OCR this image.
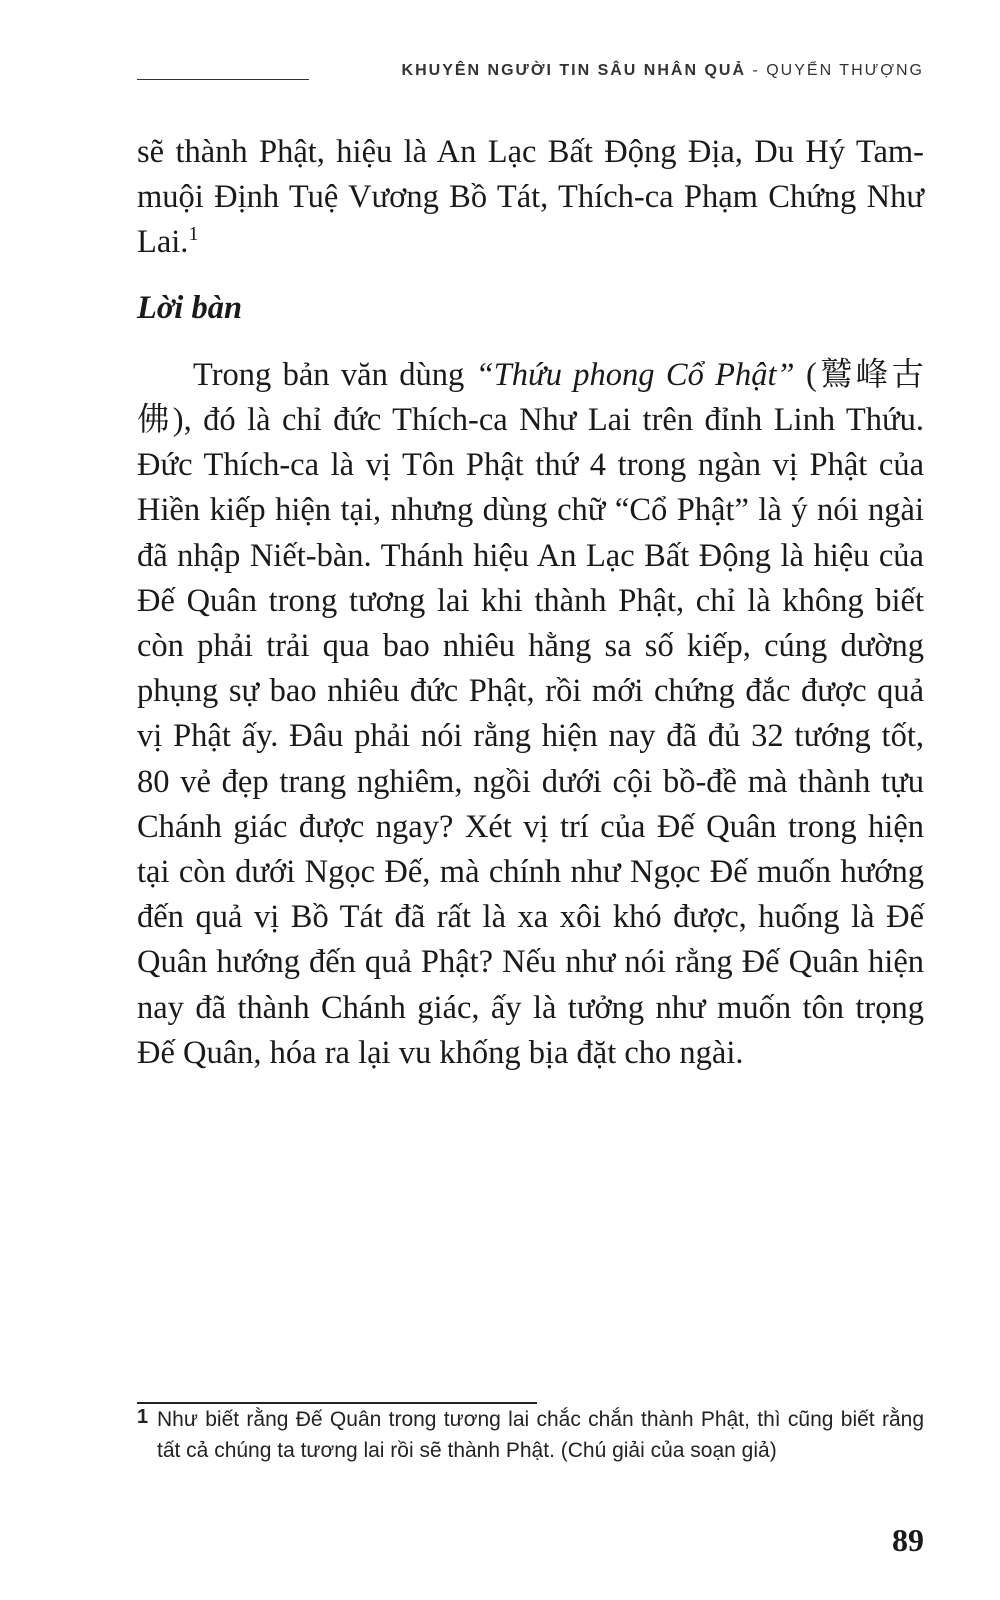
KHUYÊN NGƯỜI TIN SÂU NHÂN QUẢ - QUYỂN THƯỢNG

sẽ thành Phật, hiệu là An Lạc Bất Động Địa, Du Hý Tam-muội Định Tuệ Vương Bồ Tát, Thích-ca Phạm Chứng Như Lai.$^1$

Lời bàn

Trong bản văn dùng “Thứu phong Cổ Phật” (鷲峰古佛), đó là chỉ đức Thích-ca Như Lai trên đỉnh Linh Thứu. Đức Thích-ca là vị Tôn Phật thứ 4 trong ngàn vị Phật của Hiền kiếp hiện tại, nhưng dùng chữ “Cổ Phật” là ý nói ngài đã nhập Niết-bàn. Thánh hiệu An Lạc Bất Động là hiệu của Đế Quân trong tương lai khi thành Phật, chỉ là không biết còn phải trải qua bao nhiêu hằng sa số kiếp, cúng dường phụng sự bao nhiêu đức Phật, rồi mới chứng đắc được quả vị Phật ấy. Đâu phải nói rằng hiện nay đã đủ 32 tướng tốt, 80 vẻ đẹp trang nghiêm, ngồi dưới cội bồ-đề mà thành tựu Chánh giác được ngay? Xét vị trí của Đế Quân trong hiện tại còn dưới Ngọc Đế, mà chính như Ngọc Đế muốn hướng đến quả vị Bồ Tát đã rất là xa xôi khó được, huống là Đế Quân hướng đến quả Phật? Nếu như nói rằng Đế Quân hiện nay đã thành Chánh giác, ấy là tưởng như muốn tôn trọng Đế Quân, hóa ra lại vu khống bịa đặt cho ngài.

1 Như biết rằng Đế Quân trong tương lai chắc chắn thành Phật, thì cũng biết rằng tất cả chúng ta tương lai rồi sẽ thành Phật. (Chú giải của soạn giả)
89
